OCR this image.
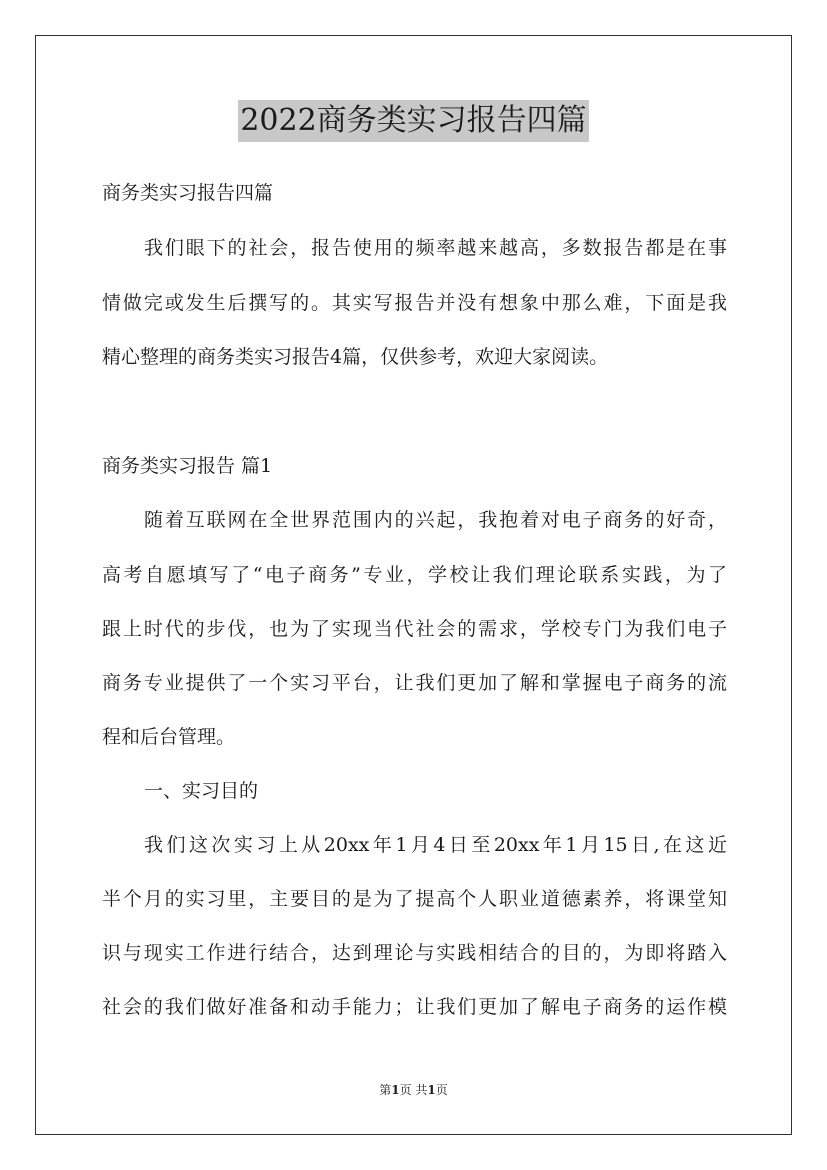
2022商务类实习报告四篇
商务类实习报告四篇
我们眼下的社会，报告使用的频率越来越高，多数报告都是在事
情做完或发生后撰写的。其实写报告并没有想象中那么难，下面是我
精心整理的商务类实习报告4篇，仅供参考，欢迎大家阅读。
商务类实习报告 篇1
随着互联网在全世界范围内的兴起，我抱着对电子商务的好奇，
高考自愿填写了“电子商务”专业，学校让我们理论联系实践，为了
跟上时代的步伐，也为了实现当代社会的需求，学校专门为我们电子
商务专业提供了一个实习平台，让我们更加了解和掌握电子商务的流
程和后台管理。
一、实习目的
我们这次实习上从20xx年1月4日至20xx年1月15日,在这近
半个月的实习里，主要目的是为了提高个人职业道德素养，将课堂知
识与现实工作进行结合，达到理论与实践相结合的目的，为即将踏入
社会的我们做好准备和动手能力；让我们更加了解电子商务的运作模
第1页 共1页
